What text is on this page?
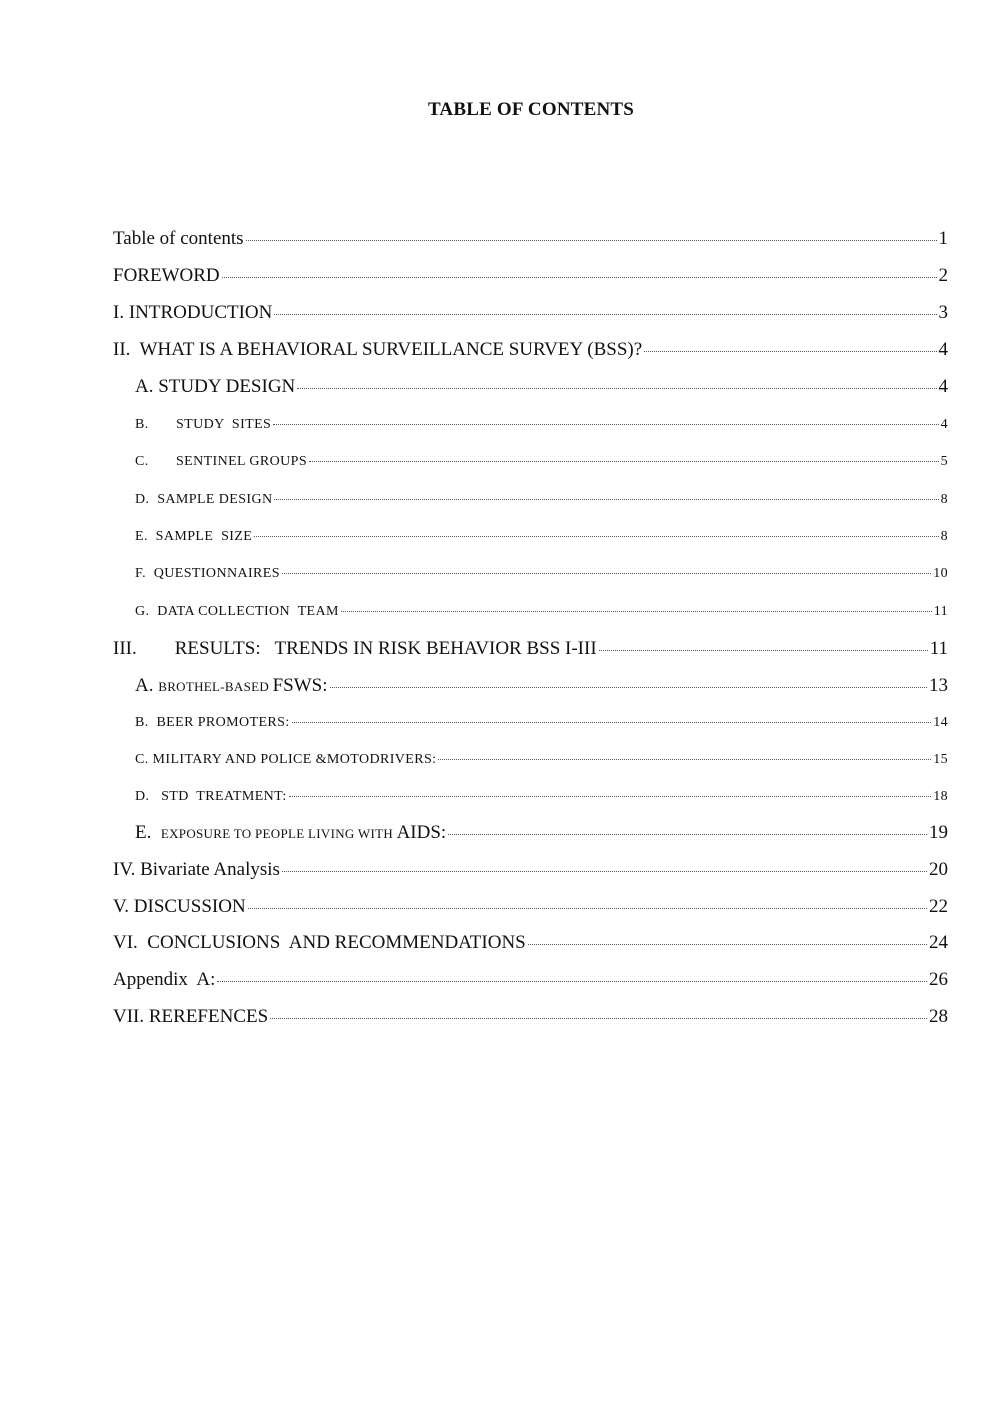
TABLE OF CONTENTS
Table of contents	1
FOREWORD	2
I. INTRODUCTION	3
II.  WHAT IS A BEHAVIORAL SURVEILLANCE SURVEY (BSS)?	4
A. STUDY DESIGN	4
B.       STUDY  SITES	4
C.       SENTINEL GROUPS	5
D.  SAMPLE DESIGN	8
E.  SAMPLE  SIZE	8
F.  QUESTIONNAIRES	10
G.  DATA COLLECTION  TEAM	11
III.        RESULTS:   TRENDS IN RISK BEHAVIOR BSS I-III	11
A. BROTHEL-BASED FSWS:	13
B.  BEER PROMOTERS:	14
C. MILITARY AND POLICE &MOTODRIVERS:	15
D.   STD  TREATMENT:	18
E.  EXPOSURE TO PEOPLE LIVING WITH AIDS:	19
IV. Bivariate Analysis	20
V. DISCUSSION	22
VI.  CONCLUSIONS  AND RECOMMENDATIONS	24
Appendix  A:	26
VII. REREFENCES	28
